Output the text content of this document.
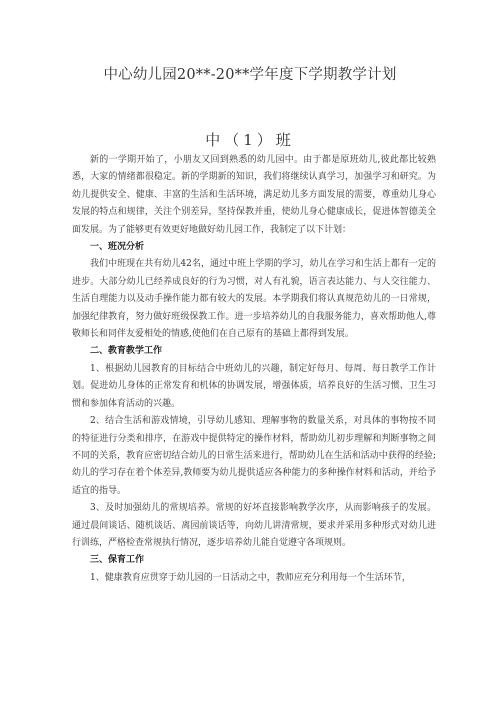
中心幼儿园20**-20**学年度下学期教学计划
中（1）班

新的一学期开始了，小朋友又回到熟悉的幼儿园中。由于都是原班幼儿,彼此都比较熟悉，大家的情绪都很稳定。新的学期新的知识，我们将继续认真学习，加强学习和研究。为幼儿提供安全、健康、丰富的生活和生活环境，满足幼儿多方面发展的需要，尊重幼儿身心发展的特点和规律，关注个别差异，坚持保教并重，使幼儿身心健康成长，促进体智德美全面发展。为了能够更有效更好地做好幼儿园工作，我制定了以下计划：

一、班况分析

我们中班现在共有幼儿42名，通过中班上学期的学习，幼儿在学习和生活上都有一定的进步。大部分幼儿已经养成良好的行为习惯，对人有礼貌，语言表达能力、与人交往能力、生活自理能力以及动手操作能力都有较大的发展。本学期我们将认真规范幼儿的一日常规，加强纪律教育，努力做好班级保教工作。进一步培养幼儿的自我服务能力，喜欢帮助他人,尊敬师长和同伴友爱相处的情感,使他们在自己原有的基础上都得到发展。

二、教育教学工作

1、根据幼儿园教育的目标结合中班幼儿的兴趣，制定好每月、每周、每日教学工作计划。促进幼儿身体的正常发育和机体的协调发展，增强体质，培养良好的生活习惯、卫生习惯和参加体育活动的兴趣。

2、结合生活和游戏情境，引导幼儿感知、理解事物的数量关系，对具体的事物按不同的特征进行分类和排序，在游戏中提供特定的操作材料，帮助幼儿初步理解和判断事物之间不同的关系，教育应密切结合幼儿的日常生活来进行，帮助幼儿在生活和活动中获得的经验;幼儿的学习存在着个体差异,教师要为幼儿提供适应各种能力的多种操作材料和活动，并给予适宜的指导。

3、及时加强幼儿的常规培养。常规的好坏直接影响教学次序，从而影响孩子的发展。通过晨间谈话、随机谈话、离园前谈话等，向幼儿讲清常规，要求并采用多种形式对幼儿进行训练，严格检查常规执行情况，逐步培养幼儿能自觉遵守各项规则。

三、保育工作

1、健康教育应贯穿于幼儿园的一日活动之中，教师应充分利用每一个生活环节，
